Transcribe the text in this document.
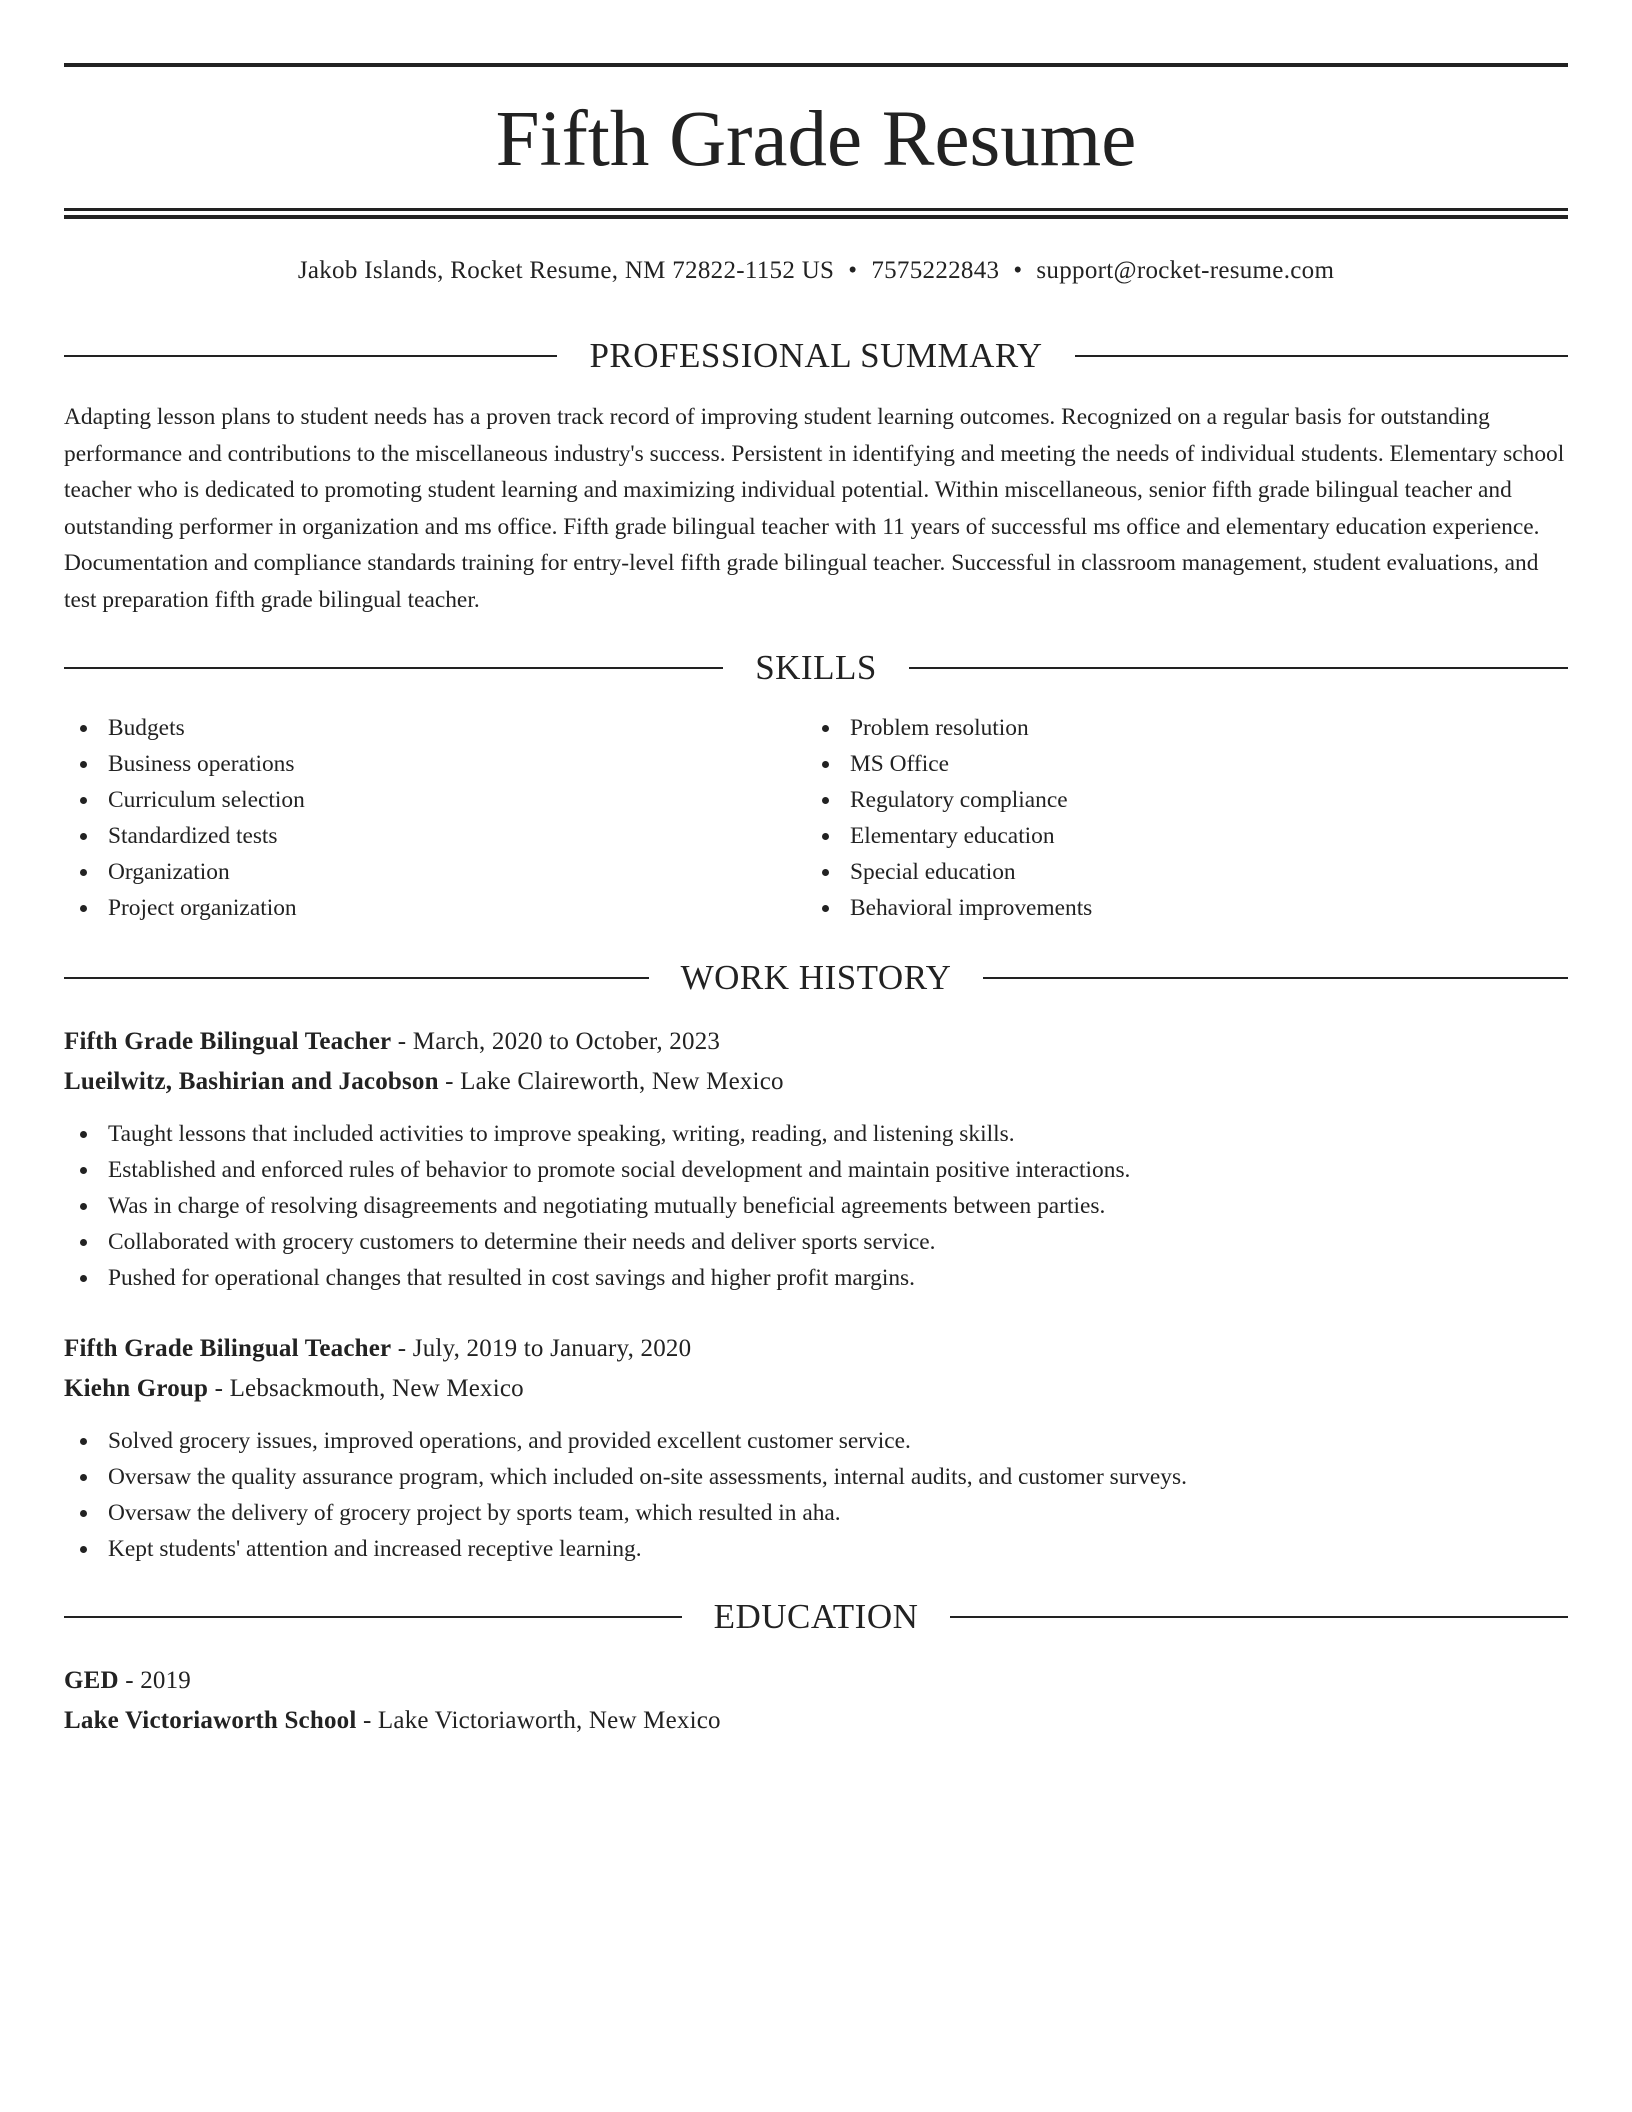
Fifth Grade Resume
Jakob Islands, Rocket Resume, NM 72822-1152 US • 7575222843 • support@rocket-resume.com
PROFESSIONAL SUMMARY

Adapting lesson plans to student needs has a proven track record of improving student learning outcomes. Recognized on a regular basis for outstanding performance and contributions to the miscellaneous industry's success. Persistent in identifying and meeting the needs of individual students. Elementary school teacher who is dedicated to promoting student learning and maximizing individual potential. Within miscellaneous, senior fifth grade bilingual teacher and outstanding performer in organization and ms office. Fifth grade bilingual teacher with 11 years of successful ms office and elementary education experience. Documentation and compliance standards training for entry-level fifth grade bilingual teacher. Successful in classroom management, student evaluations, and test preparation fifth grade bilingual teacher.

SKILLS
Budgets
Business operations
Curriculum selection
Standardized tests
Organization
Project organization
Problem resolution
MS Office
Regulatory compliance
Elementary education
Special education
Behavioral improvements
WORK HISTORY
Fifth Grade Bilingual Teacher - March, 2020 to October, 2023
Lueilwitz, Bashirian and Jacobson - Lake Claireworth, New Mexico
Taught lessons that included activities to improve speaking, writing, reading, and listening skills.
Established and enforced rules of behavior to promote social development and maintain positive interactions.
Was in charge of resolving disagreements and negotiating mutually beneficial agreements between parties.
Collaborated with grocery customers to determine their needs and deliver sports service.
Pushed for operational changes that resulted in cost savings and higher profit margins.
Fifth Grade Bilingual Teacher - July, 2019 to January, 2020
Kiehn Group - Lebsackmouth, New Mexico
Solved grocery issues, improved operations, and provided excellent customer service.
Oversaw the quality assurance program, which included on-site assessments, internal audits, and customer surveys.
Oversaw the delivery of grocery project by sports team, which resulted in aha.
Kept students' attention and increased receptive learning.
EDUCATION
GED - 2019
Lake Victoriaworth School - Lake Victoriaworth, New Mexico
